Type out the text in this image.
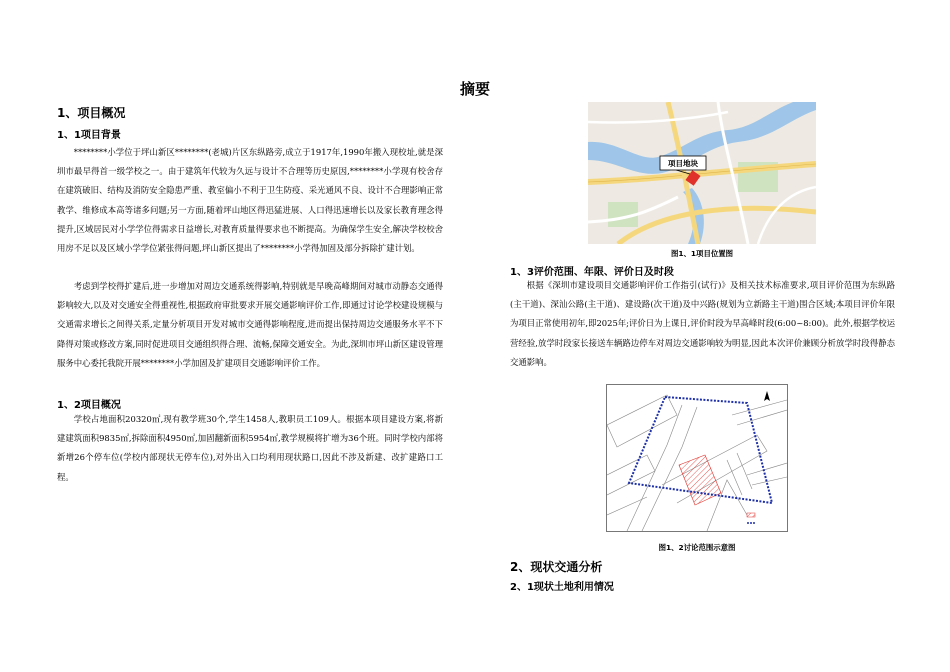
摘要
1、项目概况
1、1项目背景
********小学位于坪山新区********(老城)片区东纵路旁,成立于1917年,1990年搬入现校址,就是深圳市最早得首一级学校之一。由于建筑年代较为久远与设计不合理等历史原因,********小学现有校舍存在建筑破旧、结构及消防安全隐患严重、教室偏小不利于卫生防疫、采光通风不良、设计不合理影响正常教学、维修成本高等诸多问题;另一方面,随着坪山地区得迅猛进展、人口得迅速增长以及家长教育理念得提升,区域居民对小学学位得需求日益增长,对教育质量得要求也不断提高。为确保学生安全,解决学校校舍用房不足以及区域小学学位紧张得问题,坪山新区提出了********小学得加固及部分拆除扩建计划。
考虑到学校得扩建后,进一步增加对周边交通系统得影响,特别就是早晚高峰期间对城市动静态交通得影响较大,以及对交通安全得重视性,根据政府审批要求开展交通影响评价工作,即通过讨论学校建设规模与交通需求增长之间得关系,定量分析项目开发对城市交通得影响程度,进而提出保持周边交通服务水平不下降得对策或修改方案,同时促进项目交通组织得合理、流畅,保障交通安全。为此,深圳市坪山新区建设管理服务中心委托我院开展********小学加固及扩建项目交通影响评价工作。
1、2项目概况
学校占地面积20320㎡,现有教学班30个,学生1458人,教职员工109人。根据本项目建设方案,将新建建筑面积9835㎡,拆除面积4950㎡,加固翻新面积5954㎡,教学规模将扩增为36个班。同时学校内部将新增26个停车位(学校内部现状无停车位),对外出入口均利用现状路口,因此不涉及新建、改扩建路口工程。
项目地块
图1、1项目位置图
1、3评价范围、年限、评价日及时段
根据《深圳市建设项目交通影响评价工作指引(试行)》及相关技术标准要求,项目评价范围为东纵路(主干道)、深汕公路(主干道)、建设路(次干道)及中兴路(规划为立新路主干道)围合区域;本项目评价年限为项目正常使用初年,即2025年;评价日为上课日,评价时段为早高峰时段(6:00~8:00)。此外,根据学校运营经验,放学时段家长接送车辆路边停车对周边交通影响较为明显,因此本次评价兼顾分析放学时段得静态交通影响。
图1、2讨论范围示意图
2、现状交通分析
2、1现状土地利用情况
